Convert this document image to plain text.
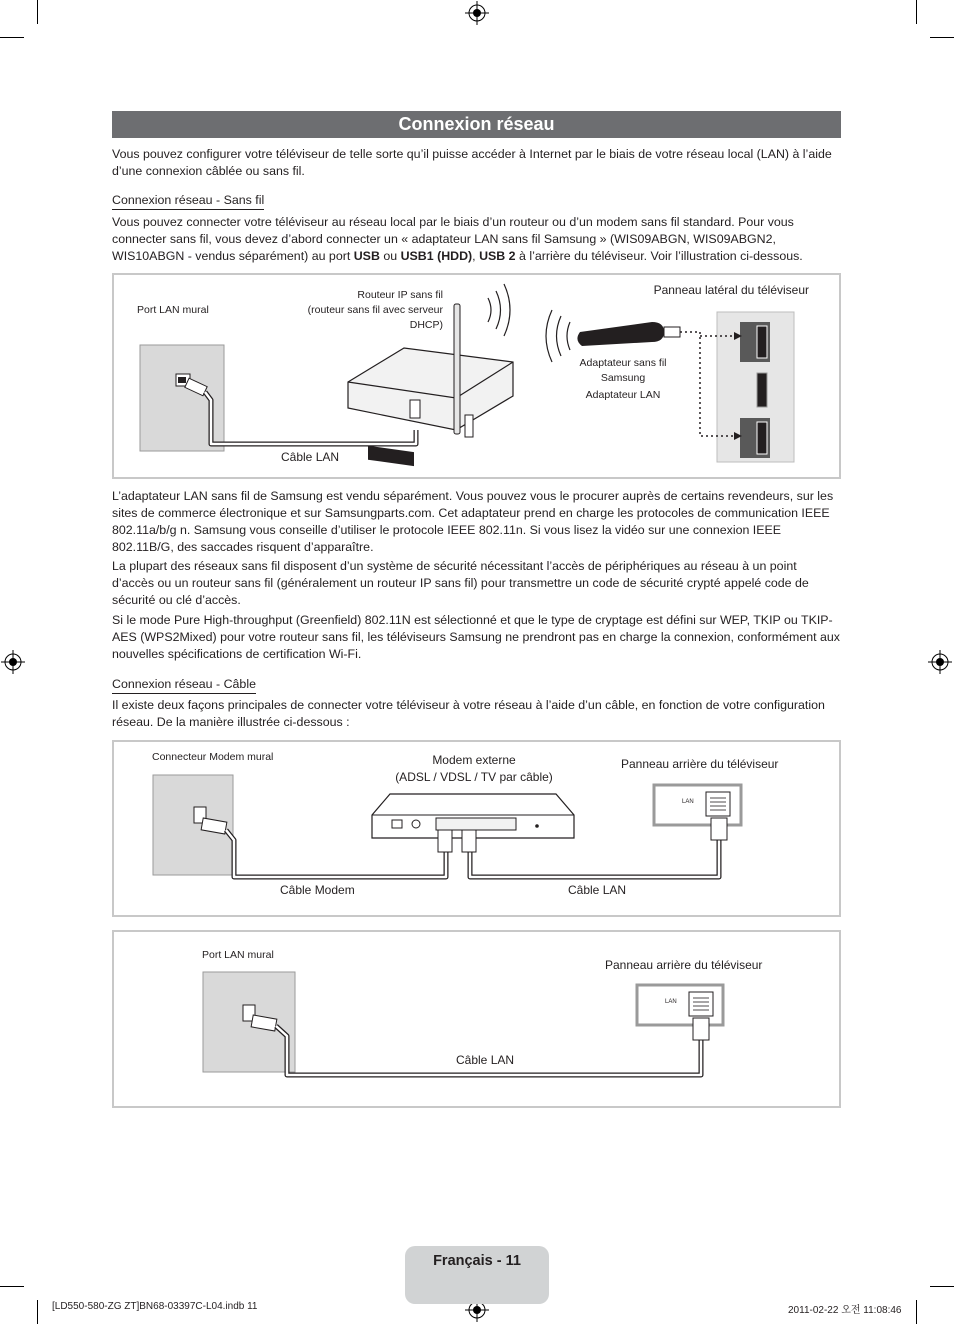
Connexion réseau

Vous pouvez configurer votre téléviseur de telle sorte qu’il puisse accéder à Internet par le biais de votre réseau local (LAN) à l’aide d’une connexion câblée ou sans fil.

Connexion réseau - Sans fil

Vous pouvez connecter votre téléviseur au réseau local par le biais d’un routeur ou d’un modem sans fil standard. Pour vous connecter sans fil, vous devez d’abord connecter un « adaptateur LAN sans fil Samsung » (WIS09ABGN, WIS09ABGN2, WIS10ABGN - vendus séparément) au port USB ou USB1 (HDD), USB 2 à l’arrière du téléviseur. Voir l’illustration ci-dessous.

Port LAN mural
Routeur IP sans fil
(routeur sans fil avec serveur
DHCP)
Panneau latéral du téléviseur
Adaptateur sans fil
Samsung
Adaptateur LAN
Câble LAN

L’adaptateur LAN sans fil de Samsung est vendu séparément. Vous pouvez vous le procurer auprès de certains revendeurs, sur les sites de commerce électronique et sur Samsungparts.com. Cet adaptateur prend en charge les protocoles de communication IEEE 802.11a/b/g n. Samsung vous conseille d’utiliser le protocole IEEE 802.11n. Si vous lisez la vidéo sur une connexion IEEE 802.11B/G, des saccades risquent d’apparaître.

La plupart des réseaux sans fil disposent d’un système de sécurité nécessitant l’accès de périphériques au réseau à un point d’accès ou un routeur sans fil (généralement un routeur IP sans fil) pour transmettre un code de sécurité crypté appelé code de sécurité ou clé d’accès.

Si le mode Pure High-throughput (Greenfield) 802.11N est sélectionné et que le type de cryptage est défini sur WEP, TKIP ou TKIP-AES (WPS2Mixed) pour votre routeur sans fil, les téléviseurs Samsung ne prendront pas en charge la connexion, conformément aux nouvelles spécifications de certification Wi-Fi.

Connexion réseau - Câble

Il existe deux façons principales de connecter votre téléviseur à votre réseau à l’aide d’un câble, en fonction de votre configuration réseau. De la manière illustrée ci-dessous :

Connecteur Modem mural	Modem externe
(ADSL / VDSL / TV par câble)
Panneau arrière du téléviseur
Câble Modem	Câble LAN
LAN
Port LAN mural
Panneau arrière du téléviseur
Câble LAN
LAN
Français - 11
[LD550-580-ZG ZT]BN68-03397C-L04.indb 11	2011-02-22 오전 11:08:46
